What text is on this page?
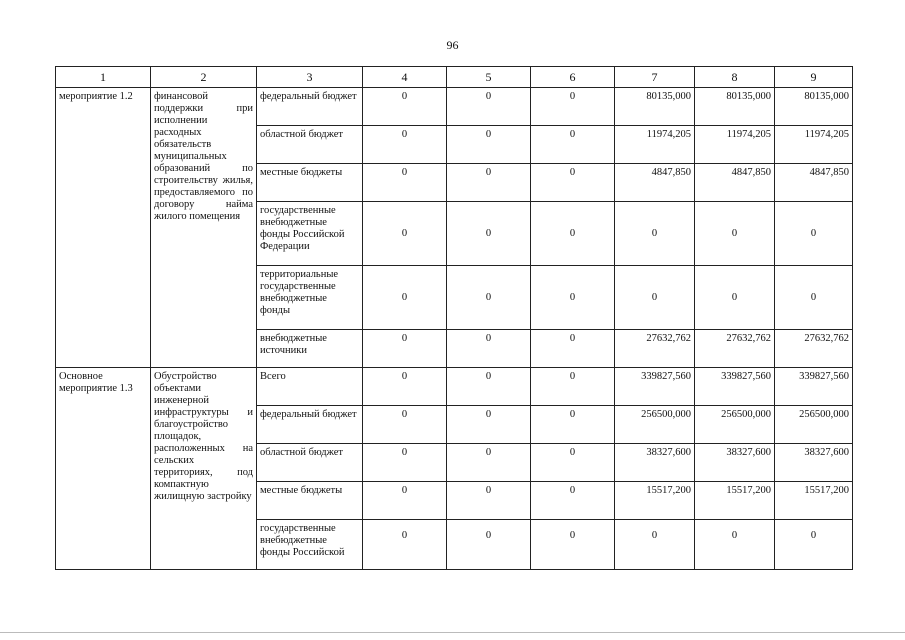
96
1	2	3	4	5	6	7	8	9
мероприятие 1.2	финансовой поддержки при исполнении расходных обязательств муниципальных образований по строительству жилья, предоставляемого по договору найма жилого помещения	федеральный бюджет	0	0	0	80135,000	80135,000	80135,000
		областной бюджет	0	0	0	11974,205	11974,205	11974,205
		местные бюджеты	0	0	0	4847,850	4847,850	4847,850
		государственные внебюджетные фонды Российской Федерации	0	0	0	0	0	0
		территориальные государственные внебюджетные фонды	0	0	0	0	0	0
		внебюджетные источники	0	0	0	27632,762	27632,762	27632,762
Основное мероприятие 1.3	Обустройство объектами инженерной инфраструктуры и благоустройство площадок, расположенных на сельских территориях, под компактную жилищную застройку	Всего	0	0	0	339827,560	339827,560	339827,560
		федеральный бюджет	0	0	0	256500,000	256500,000	256500,000
		областной бюджет	0	0	0	38327,600	38327,600	38327,600
		местные бюджеты	0	0	0	15517,200	15517,200	15517,200
		государственные внебюджетные фонды Российской	0	0	0	0	0	0
